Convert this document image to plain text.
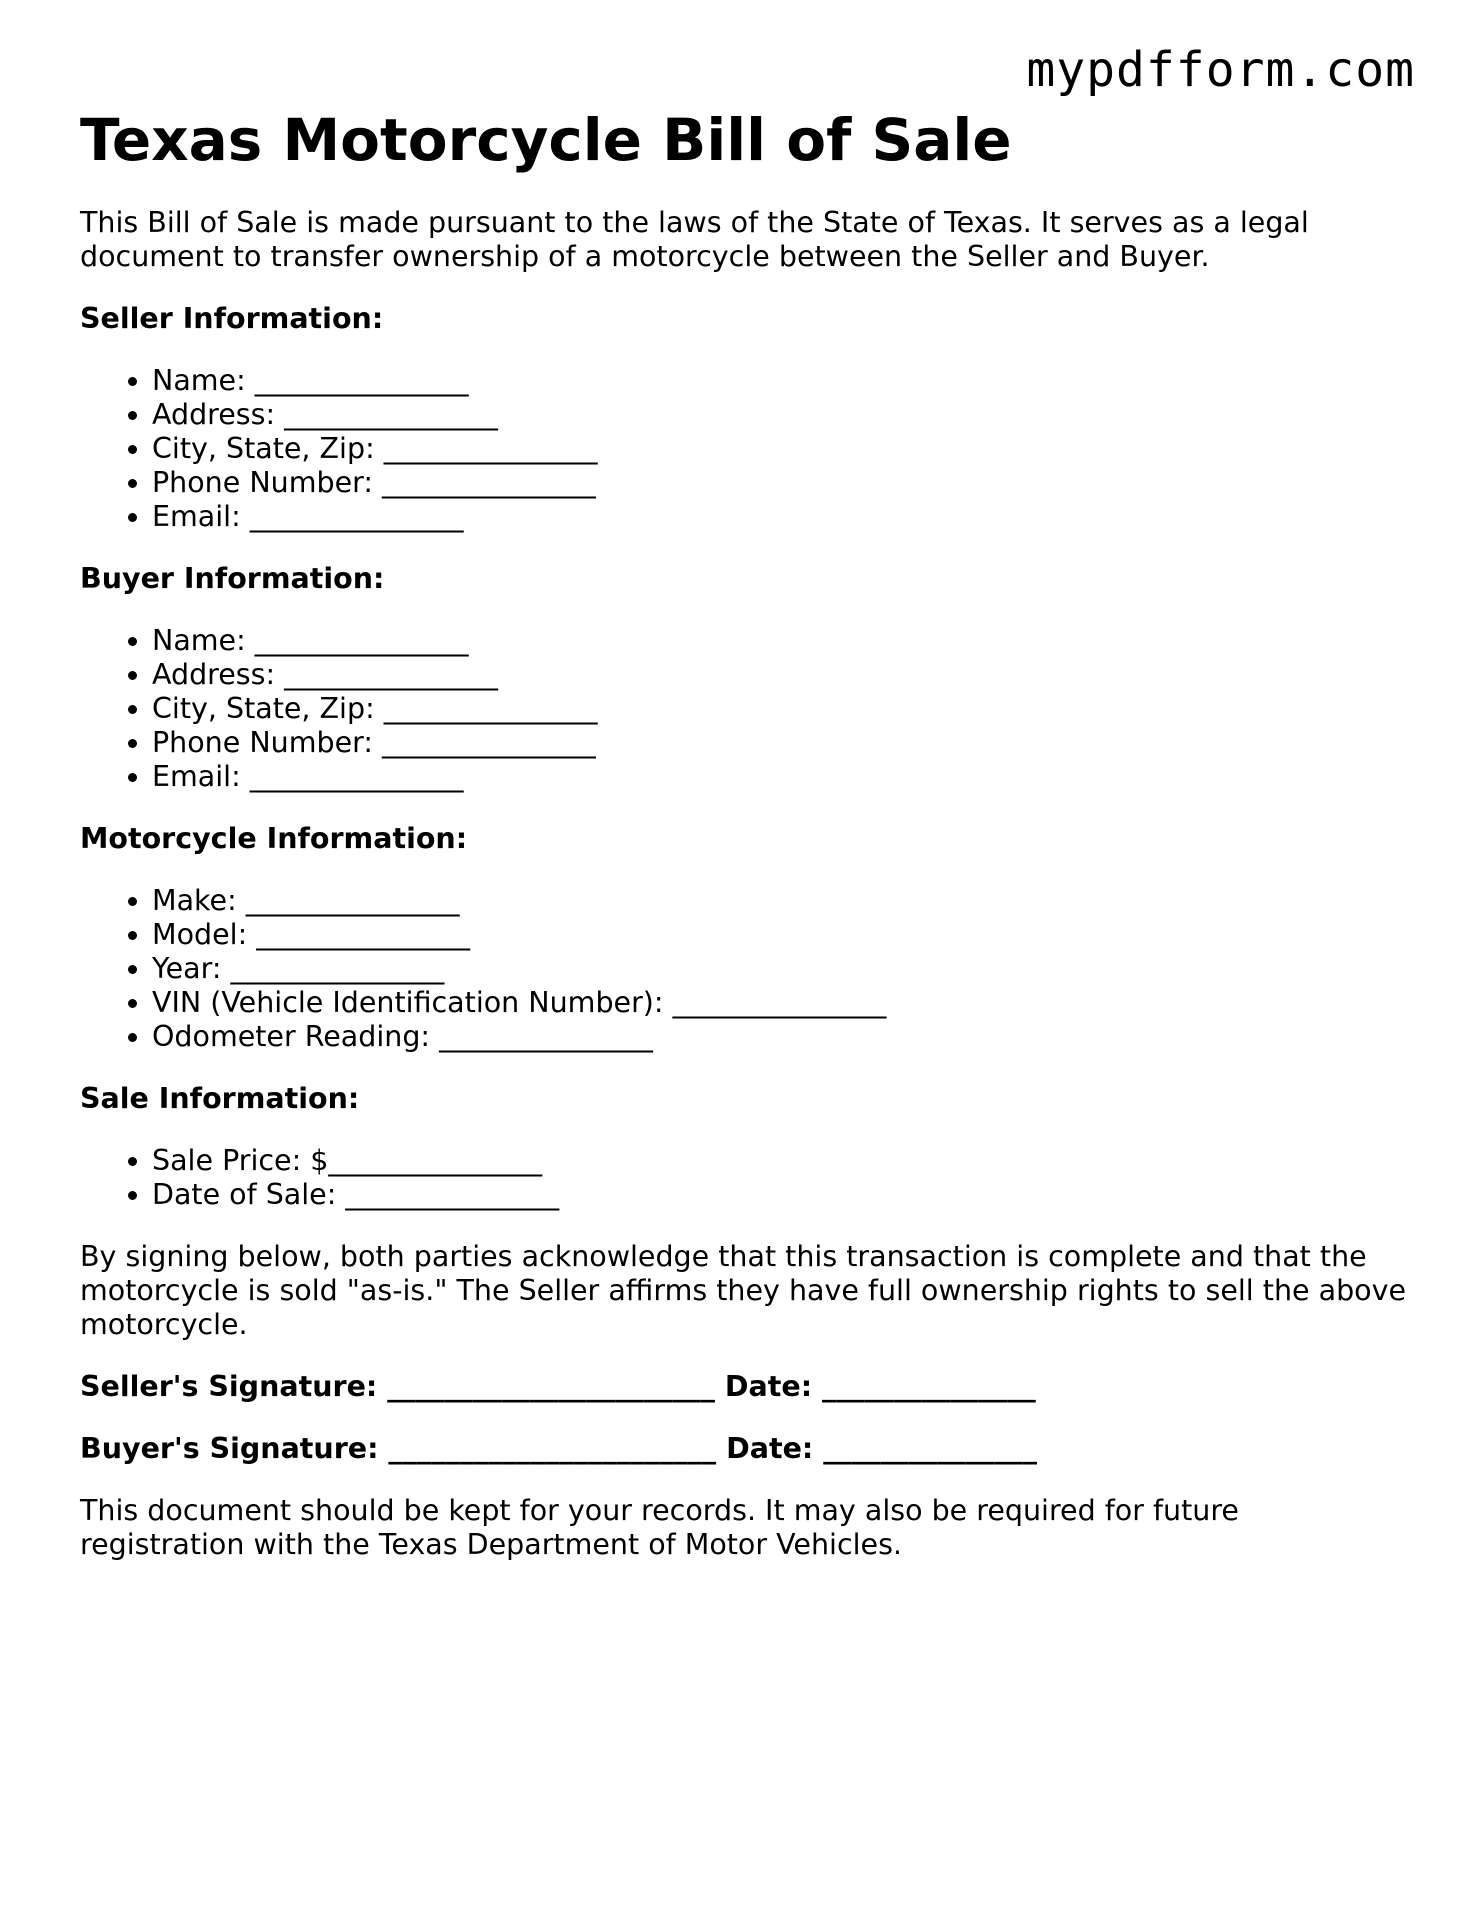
mypdfform.com
Texas Motorcycle Bill of Sale

This Bill of Sale is made pursuant to the laws of the State of Texas. It serves as a legal document to transfer ownership of a motorcycle between the Seller and Buyer.

Seller Information:
• Name: _______________
• Address: _______________
• City, State, Zip: _______________
• Phone Number: _______________
• Email: _______________
Buyer Information:
• Name: _______________
• Address: _______________
• City, State, Zip: _______________
• Phone Number: _______________
• Email: _______________
Motorcycle Information:
• Make: _______________
• Model: _______________
• Year: _______________
• VIN (Vehicle Identification Number): _______________
• Odometer Reading: _______________
Sale Information:
• Sale Price: $_______________
• Date of Sale: _______________

By signing below, both parties acknowledge that this transaction is complete and that the motorcycle is sold "as-is." The Seller affirms they have full ownership rights to sell the above motorcycle.

Seller's Signature: _______________________ Date: _______________
Buyer's Signature: _______________________ Date: _______________

This document should be kept for your records. It may also be required for future registration with the Texas Department of Motor Vehicles.
